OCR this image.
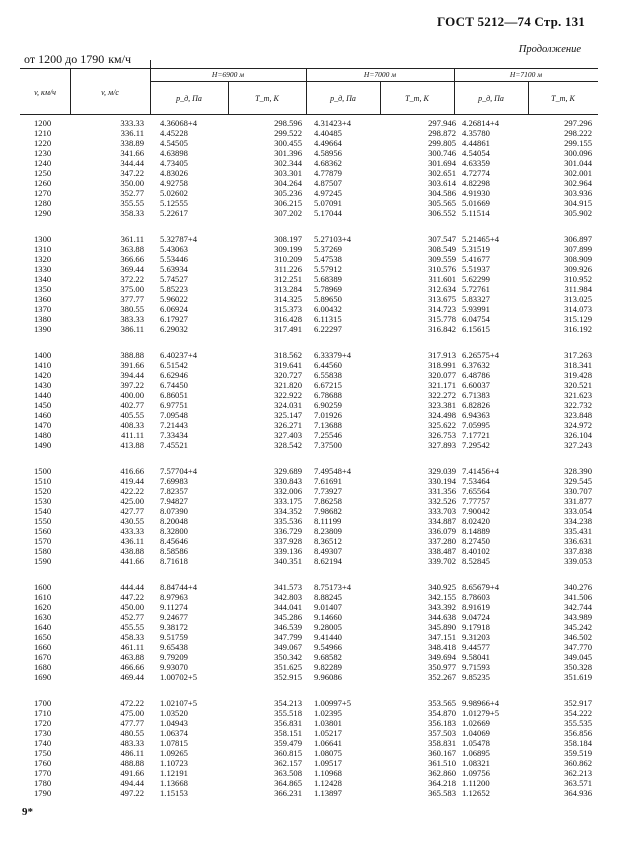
ГОСТ 5212—74 Стр. 131
Продолжение
от 1200 до 1790 км/ч
v, км/ч	v, м/с
H=6900 м	H=7000 м	H=7100 м
p_д, Па	T_т, К	p_д, Па	T_т, К	p_д, Па	T_т, К
1200	333.33 4.36068+4	298.596 4.31423+4	297.946 4.26814+4	297.296
1210	336.11 4.45228	299.522 4.40485	298.872 4.35780	298.222
1220	338.89 4.54505	300.455 4.49664	299.805 4.44861	299.155
1230	341.66 4.63898	301.396 4.58956	300.746 4.54054	300.096
1240	344.44 4.73405	302.344 4.68362	301.694 4.63359	301.044
1250	347.22 4.83026	303.301 4.77879	302.651 4.72774	302.001
1260	350.00 4.92758	304.264 4.87507	303.614 4.82298	302.964
1270	352.77 5.02602	305.236 4.97245	304.586 4.91930	303.936
1280	355.55 5.12555	306.215 5.07091	305.565 5.01669	304.915
1290	358.33 5.22617	307.202 5.17044	306.552 5.11514	305.902
1300	361.11 5.32787+4	308.197 5.27103+4	307.547 5.21465+4	306.897
1310	363.88 5.43063	309.199 5.37269	308.549 5.31519	307.899
1320	366.66 5.53446	310.209 5.47538	309.559 5.41677	308.909
1330	369.44 5.63934	311.226 5.57912	310.576 5.51937	309.926
1340	372.22 5.74527	312.251 5.68389	311.601 5.62299	310.952
1350	375.00 5.85223	313.284 5.78969	312.634 5.72761	311.984
1360	377.77 5.96022	314.325 5.89650	313.675 5.83327	313.025
1370	380.55 6.06924	315.373 6.00432	314.723 5.93991	314.073
1380	383.33 6.17927	316.428 6.11315	315.778 6.04754	315.129
1390	386.11 6.29032	317.491 6.22297	316.842 6.15615	316.192
1400	388.88 6.40237+4	318.562 6.33379+4	317.913 6.26575+4	317.263
1410	391.66 6.51542	319.641 6.44560	318.991 6.37632	318.341
1420	394.44 6.62946	320.727 6.55838	320.077 6.48786	319.428
1430	397.22 6.74450	321.820 6.67215	321.171 6.60037	320.521
1440	400.00 6.86051	322.922 6.78688	322.272 6.71383	321.623
1450	402.77 6.97751	324.031 6.90259	323.381 6.82826	322.732
1460	405.55 7.09548	325.147 7.01926	324.498 6.94363	323.848
1470	408.33 7.21443	326.271 7.13688	325.622 7.05995	324.972
1480	411.11 7.33434	327.403 7.25546	326.753 7.17721	326.104
1490	413.88 7.45521	328.542 7.37500	327.893 7.29542	327.243
1500	416.66 7.57704+4	329.689 7.49548+4	329.039 7.41456+4	328.390
1510	419.44 7.69983	330.843 7.61691	330.194 7.53464	329.545
1520	422.22 7.82357	332.006 7.73927	331.356 7.65564	330.707
1530	425.00 7.94827	333.175 7.86258	332.526 7.77757	331.877
1540	427.77 8.07390	334.352 7.98682	333.703 7.90042	333.054
1550	430.55 8.20048	335.536 8.11199	334.887 8.02420	334.238
1560	433.33 8.32800	336.729 8.23809	336.079 8.14889	335.431
1570	436.11 8.45646	337.928 8.36512	337.280 8.27450	336.631
1580	438.88 8.58586	339.136 8.49307	338.487 8.40102	337.838
1590	441.66 8.71618	340.351 8.62194	339.702 8.52845	339.053
1600	444.44 8.84744+4	341.573 8.75173+4	340.925 8.65679+4	340.276
1610	447.22 8.97963	342.803 8.88245	342.155 8.78603	341.506
1620	450.00 9.11274	344.041 9.01407	343.392 8.91619	342.744
1630	452.77 9.24677	345.286 9.14660	344.638 9.04724	343.989
1640	455.55 9.38172	346.539 9.28005	345.890 9.17918	345.242
1650	458.33 9.51759	347.799 9.41440	347.151 9.31203	346.502
1660	461.11 9.65438	349.067 9.54966	348.418 9.44577	347.770
1670	463.88 9.79209	350.342 9.68582	349.694 9.58041	349.045
1680	466.66 9.93070	351.625 9.82289	350.977 9.71593	350.328
1690	469.44 1.00702+5	352.915 9.96086	352.267 9.85235	351.619
1700	472.22 1.02107+5	354.213 1.00997+5	353.565 9.98966+4	352.917
1710	475.00 1.03520	355.518 1.02395	354.870 1.01279+5	354.222
1720	477.77 1.04943	356.831 1.03801	356.183 1.02669	355.535
1730	480.55 1.06374	358.151 1.05217	357.503 1.04069	356.856
1740	483.33 1.07815	359.479 1.06641	358.831 1.05478	358.184
1750	486.11 1.09265	360.815 1.08075	360.167 1.06895	359.519
1760	488.88 1.10723	362.157 1.09517	361.510 1.08321	360.862
1770	491.66 1.12191	363.508 1.10968	362.860 1.09756	362.213
1780	494.44 1.13668	364.865 1.12428	364.218 1.11200	363.571
1790	497.22 1.15153	366.231 1.13897	365.583 1.12652	364.936
9*
